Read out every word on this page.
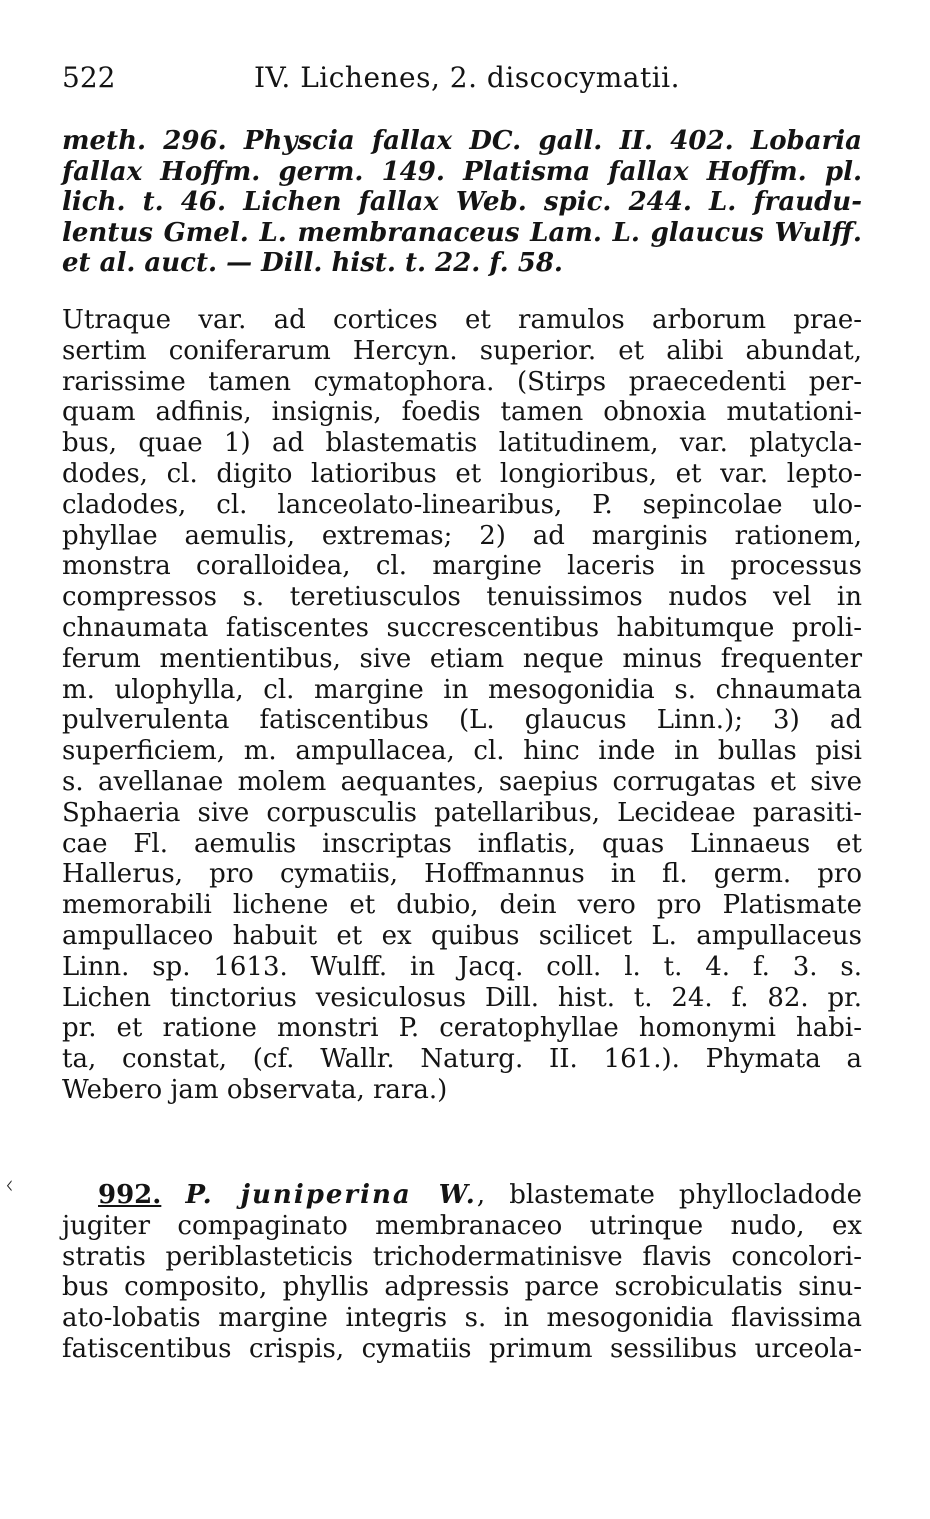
ᚲ
522	IV. Lichenes, 2. discocymatii.
meth. 296. Physcia fallax DC. gall. II. 402. Lobaria
fallax Hoffm. germ. 149. Platisma fallax Hoffm. pl.
lich. t. 46. Lichen fallax Web. spic. 244. L. fraudu-
lentus Gmel. L. membranaceus Lam. L. glaucus Wulff.
et al. auct. — Dill. hist. t. 22. f. 58.
Utraque var. ad cortices et ramulos arborum prae-
sertim coniferarum Hercyn. superior. et alibi abundat,
rarissime tamen cymatophora. (Stirps praecedenti per-
quam adfinis, insignis, foedis tamen obnoxia mutationi-
bus, quae 1) ad blastematis latitudinem, var. platycla-
dodes, cl. digito latioribus et longioribus, et var. lepto-
cladodes, cl. lanceolato-linearibus, P. sepincolae ulo-
phyllae aemulis, extremas; 2) ad marginis rationem,
monstra coralloidea, cl. margine laceris in processus
compressos s. teretiusculos tenuissimos nudos vel in
chnaumata fatiscentes succrescentibus habitumque proli-
ferum mentientibus, sive etiam neque minus frequenter
m. ulophylla, cl. margine in mesogonidia s. chnaumata
pulverulenta fatiscentibus (L. glaucus Linn.); 3) ad
superficiem, m. ampullacea, cl. hinc inde in bullas pisi
s. avellanae molem aequantes, saepius corrugatas et sive
Sphaeria sive corpusculis patellaribus, Lecideae parasiti-
cae Fl. aemulis inscriptas inflatis, quas Linnaeus et
Hallerus, pro cymatiis, Hoffmannus in fl. germ. pro
memorabili lichene et dubio, dein vero pro Platismate
ampullaceo habuit et ex quibus scilicet L. ampullaceus
Linn. sp. 1613. Wulff. in Jacq. coll. l. t. 4. f. 3. s.
Lichen tinctorius vesiculosus Dill. hist. t. 24. f. 82. pr.
pr. et ratione monstri P. ceratophyllae homonymi habi-
ta, constat, (cf. Wallr. Naturg. II. 161.). Phymata a
Webero jam observata, rara.)
992. P. juniperina W., blastemate phyllocladode
jugiter compaginato membranaceo utrinque nudo, ex
stratis periblasteticis trichodermatinisve flavis concolori-
bus composito, phyllis adpressis parce scrobiculatis sinu-
ato-lobatis margine integris s. in mesogonidia flavissima
fatiscentibus crispis, cymatiis primum sessilibus urceola-
